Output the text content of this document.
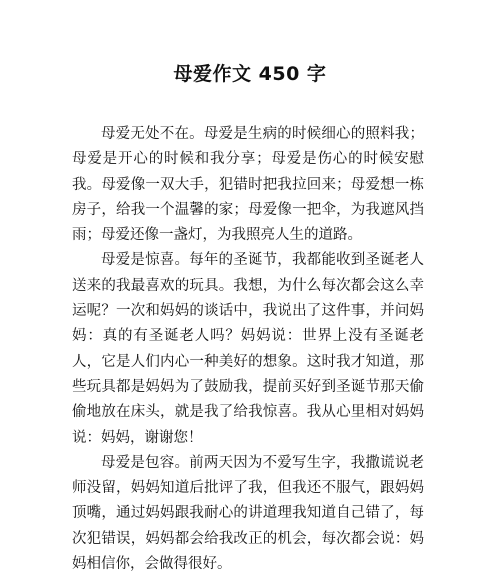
母爱作文 450 字

母爱无处不在。母爱是生病的时候细心的照料我；母爱是开心的时候和我分享；母爱是伤心的时候安慰我。母爱像一双大手，犯错时把我拉回来；母爱想一栋房子，给我一个温馨的家；母爱像一把伞，为我遮风挡雨；母爱还像一盏灯，为我照亮人生的道路。

母爱是惊喜。每年的圣诞节，我都能收到圣诞老人送来的我最喜欢的玩具。我想，为什么每次都会这么幸运呢？一次和妈妈的谈话中，我说出了这件事，并问妈妈：真的有圣诞老人吗？妈妈说：世界上没有圣诞老人，它是人们内心一种美好的想象。这时我才知道，那些玩具都是妈妈为了鼓励我，提前买好到圣诞节那天偷偷地放在床头，就是我了给我惊喜。我从心里相对妈妈说：妈妈，谢谢您！

母爱是包容。前两天因为不爱写生字，我撒谎说老师没留，妈妈知道后批评了我，但我还不服气，跟妈妈顶嘴，通过妈妈跟我耐心的讲道理我知道自己错了，每次犯错误，妈妈都会给我改正的机会，每次都会说：妈妈相信你，会做得很好。
